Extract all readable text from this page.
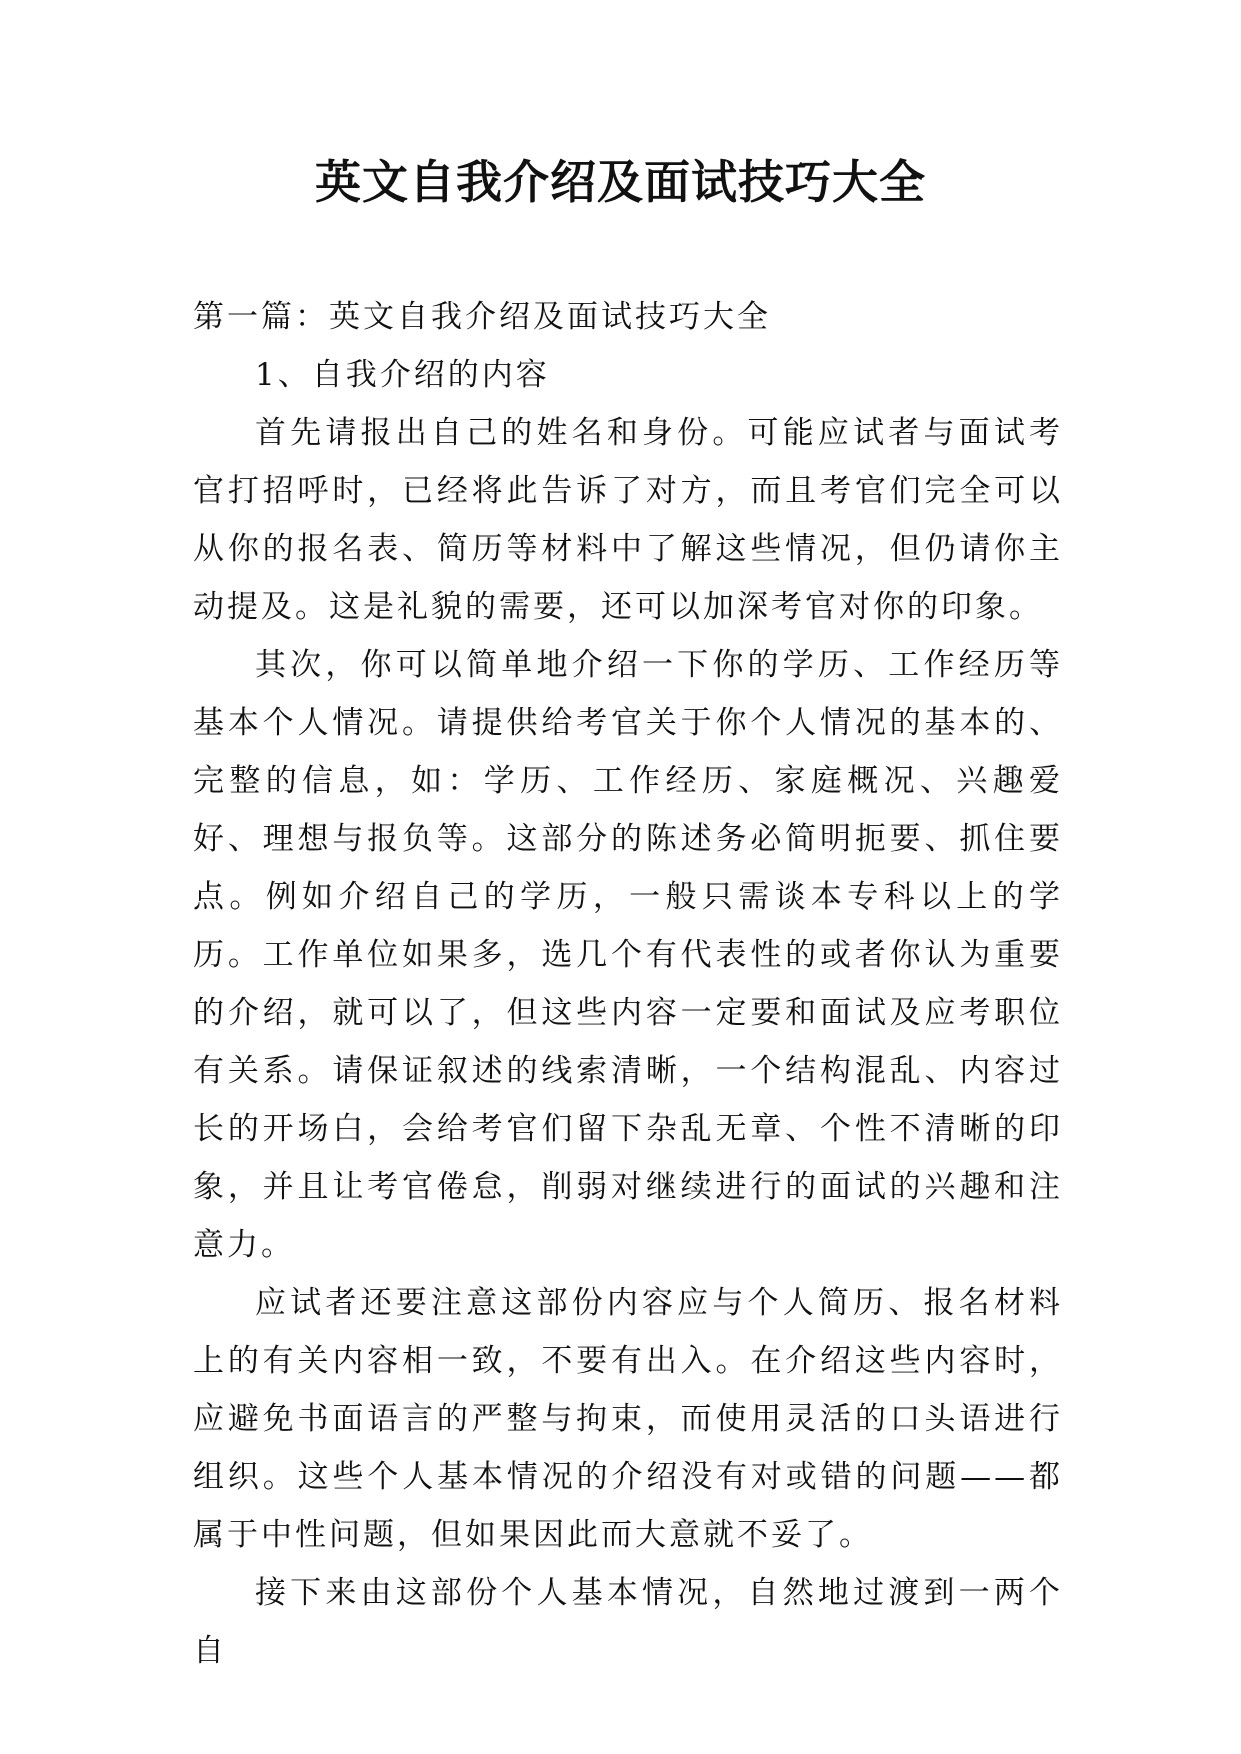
英文自我介绍及面试技巧大全

第一篇：英文自我介绍及面试技巧大全

1、自我介绍的内容

首先请报出自己的姓名和身份。可能应试者与面试考官打招呼时，已经将此告诉了对方，而且考官们完全可以从你的报名表、简历等材料中了解这些情况，但仍请你主动提及。这是礼貌的需要，还可以加深考官对你的印象。

其次，你可以简单地介绍一下你的学历、工作经历等基本个人情况。请提供给考官关于你个人情况的基本的、完整的信息，如：学历、工作经历、家庭概况、兴趣爱好、理想与报负等。这部分的陈述务必简明扼要、抓住要点。例如介绍自己的学历，一般只需谈本专科以上的学历。工作单位如果多，选几个有代表性的或者你认为重要的介绍，就可以了，但这些内容一定要和面试及应考职位有关系。请保证叙述的线索清晰，一个结构混乱、内容过长的开场白，会给考官们留下杂乱无章、个性不清晰的印象，并且让考官倦怠，削弱对继续进行的面试的兴趣和注意力。

应试者还要注意这部份内容应与个人简历、报名材料上的有关内容相一致，不要有出入。在介绍这些内容时，应避免书面语言的严整与拘束，而使用灵活的口头语进行组织。这些个人基本情况的介绍没有对或错的问题——都属于中性问题，但如果因此而大意就不妥了。

接下来由这部份个人基本情况，自然地过渡到一两个自
